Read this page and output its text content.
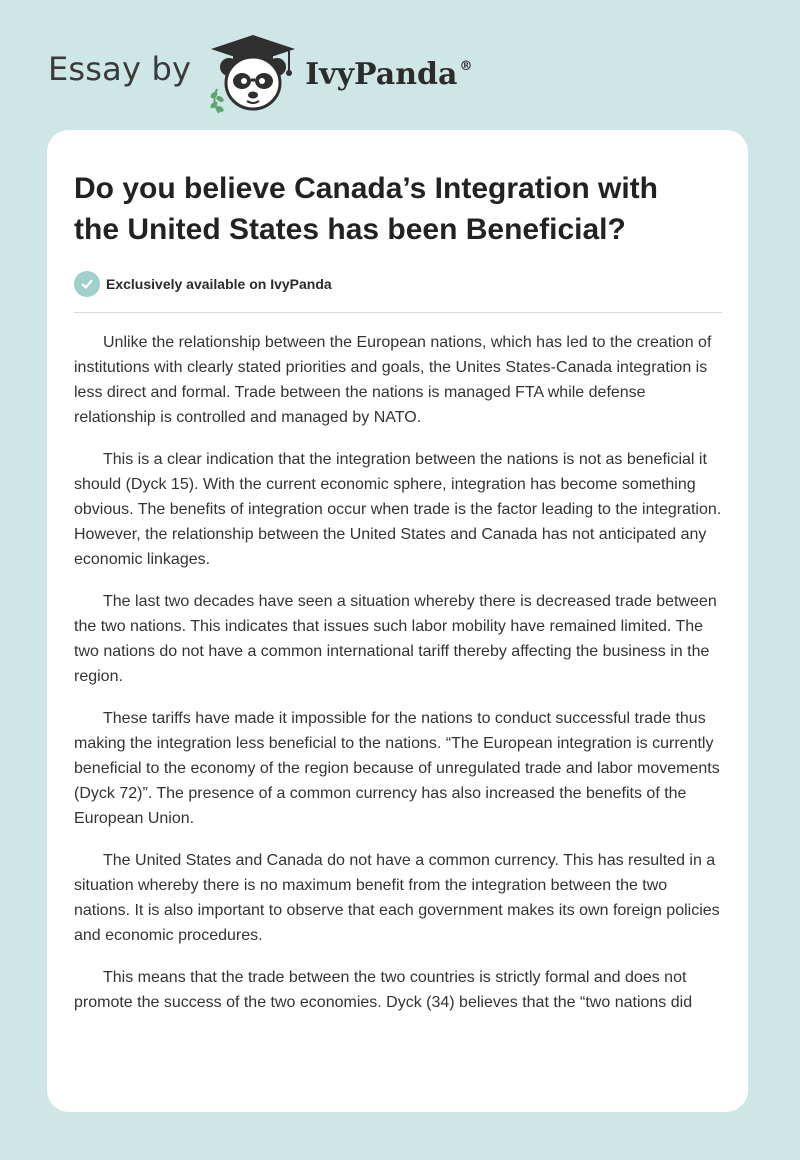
Essay by	IvyPanda ®
Do you believe Canada’s Integration with the United States has been Beneficial?
Exclusively available on IvyPanda

Unlike the relationship between the European nations, which has led to the creation of institutions with clearly stated priorities and goals, the Unites States-Canada integration is less direct and formal. Trade between the nations is managed FTA while defense relationship is controlled and managed by NATO.

This is a clear indication that the integration between the nations is not as beneficial it should (Dyck 15). With the current economic sphere, integration has become something obvious. The benefits of integration occur when trade is the factor leading to the integration. However, the relationship between the United States and Canada has not anticipated any economic linkages.

The last two decades have seen a situation whereby there is decreased trade between the two nations. This indicates that issues such labor mobility have remained limited. The two nations do not have a common international tariff thereby affecting the business in the region.

These tariffs have made it impossible for the nations to conduct successful trade thus making the integration less beneficial to the nations. “The European integration is currently beneficial to the economy of the region because of unregulated trade and labor movements (Dyck 72)”. The presence of a common currency has also increased the benefits of the European Union.

The United States and Canada do not have a common currency. This has resulted in a situation whereby there is no maximum benefit from the integration between the two nations. It is also important to observe that each government makes its own foreign policies and economic procedures.

This means that the trade between the two countries is strictly formal and does not promote the success of the two economies. Dyck (34) believes that the “two nations did
